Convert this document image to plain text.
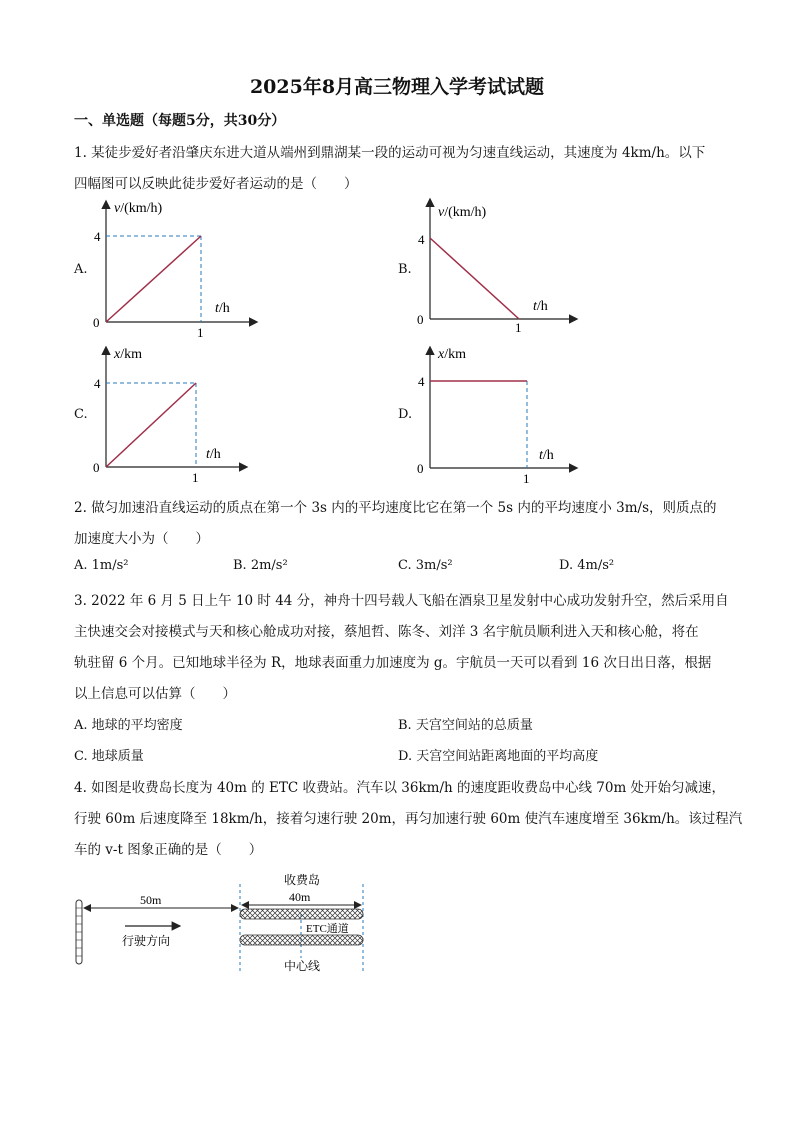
2025年8月高三物理入学考试试题
一、单选题（每题5分，共30分）
1. 某徒步爱好者沿肇庆东进大道从端州到鼎湖某一段的运动可视为匀速直线运动，其速度为 4km/h。以下
四幅图可以反映此徒步爱好者运动的是（　　）
A.	B.
C.	D.
v/(km/h)
4
0
1
t/h
v/(km/h)
4
0
1
t/h
x/km
4
0
1
t/h
x/km
4
0
1
t/h
2. 做匀加速沿直线运动的质点在第一个 3s 内的平均速度比它在第一个 5s 内的平均速度小 3m/s，则质点的
加速度大小为（　　）
A. 1m/s²	B. 2m/s²	C. 3m/s²	D. 4m/s²
3. 2022 年 6 月 5 日上午 10 时 44 分，神舟十四号载人飞船在酒泉卫星发射中心成功发射升空，然后采用自
主快速交会对接模式与天和核心舱成功对接，蔡旭哲、陈冬、刘洋 3 名宇航员顺利进入天和核心舱，将在
轨驻留 6 个月。已知地球半径为 R，地球表面重力加速度为 g。宇航员一天可以看到 16 次日出日落，根据
以上信息可以估算（　　）
A. 地球的平均密度	B. 天宫空间站的总质量
C. 地球质量	D. 天宫空间站距离地面的平均高度
4. 如图是收费岛长度为 40m 的 ETC 收费站。汽车以 36km/h 的速度距收费岛中心线 70m 处开始匀减速，
行驶 60m 后速度降至 18km/h，接着匀速行驶 20m，再匀加速行驶 60m 使汽车速度增至 36km/h。该过程汽
车的 v-t 图象正确的是（　　）
50m
行驶方向
收费岛
40m
ETC通道
中心线
